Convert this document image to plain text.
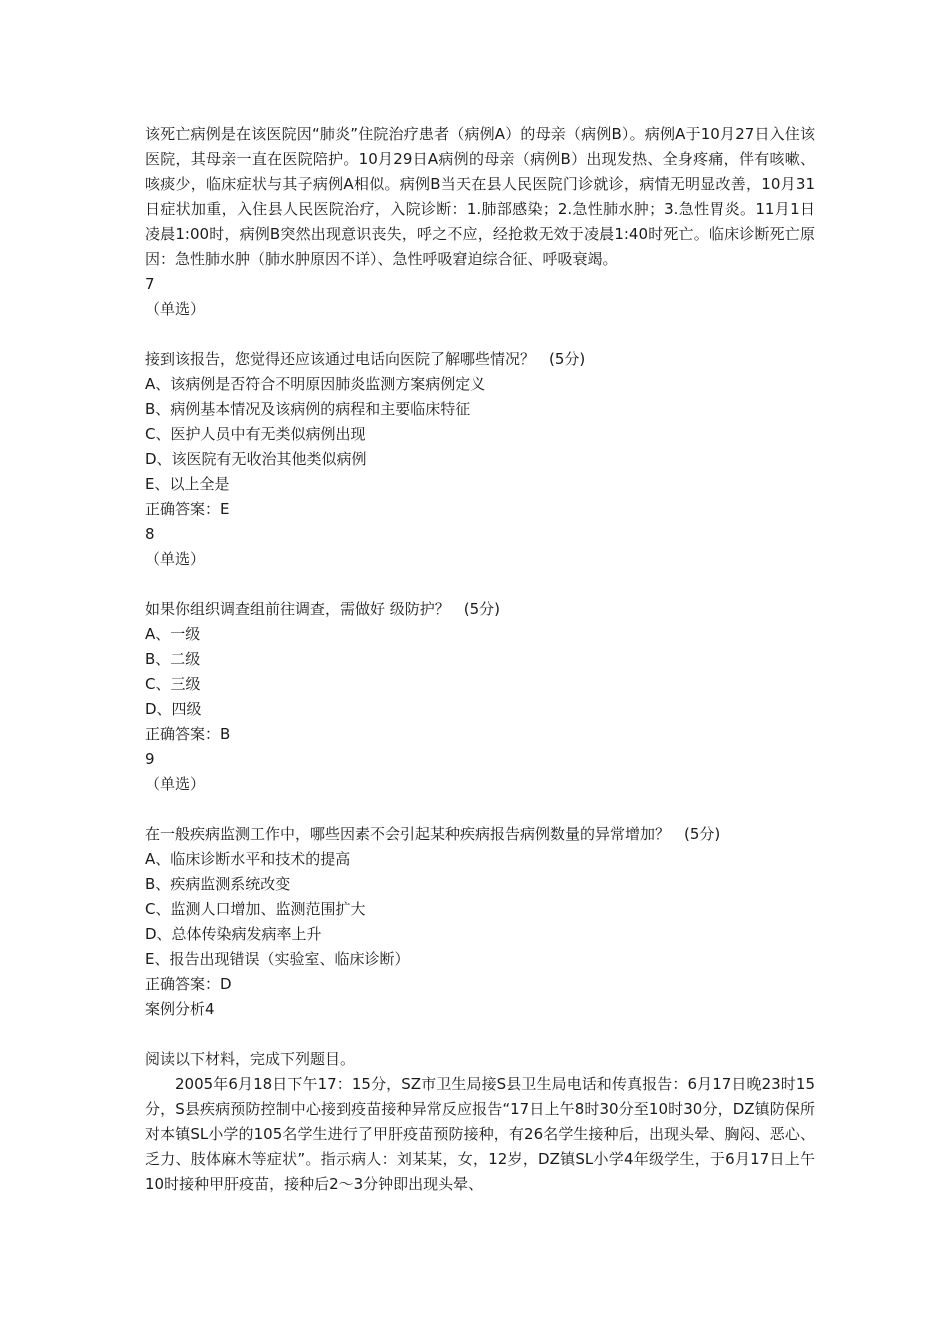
该死亡病例是在该医院因“肺炎”住院治疗患者（病例A）的母亲（病例B）。病例A于10月27日入住该医院，其母亲一直在医院陪护。10月29日A病例的母亲（病例B）出现发热、全身疼痛，伴有咳嗽、咳痰少，临床症状与其子病例A相似。病例B当天在县人民医院门诊就诊，病情无明显改善，10月31日症状加重，入住县人民医院治疗，入院诊断：1.肺部感染；2.急性肺水肿；3.急性胃炎。11月1日凌晨1:00时，病例B突然出现意识丧失，呼之不应，经抢救无效于凌晨1:40时死亡。临床诊断死亡原因：急性肺水肿（肺水肿原因不详）、急性呼吸窘迫综合征、呼吸衰竭。
7
（单选）
接到该报告，您觉得还应该通过电话向医院了解哪些情况？ (5分)
A、该病例是否符合不明原因肺炎监测方案病例定义
B、病例基本情况及该病例的病程和主要临床特征
C、医护人员中有无类似病例出现
D、该医院有无收治其他类似病例
E、以上全是
正确答案：E
8
（单选）
如果你组织调查组前往调查，需做好 级防护？ (5分)
A、一级
B、二级
C、三级
D、四级
正确答案：B
9
（单选）
在一般疾病监测工作中，哪些因素不会引起某种疾病报告病例数量的异常增加？ (5分)
A、临床诊断水平和技术的提高
B、疾病监测系统改变
C、监测人口增加、监测范围扩大
D、总体传染病发病率上升
E、报告出现错误（实验室、临床诊断）
正确答案：D
案例分析4
阅读以下材料，完成下列题目。
2005年6月18日下午17：15分，SZ市卫生局接S县卫生局电话和传真报告：6月17日晚23时15分，S县疾病预防控制中心接到疫苗接种异常反应报告“17日上午8时30分至10时30分，DZ镇防保所对本镇SL小学的105名学生进行了甲肝疫苗预防接种，有26名学生接种后，出现头晕、胸闷、恶心、乏力、肢体麻木等症状”。指示病人：刘某某，女，12岁，DZ镇SL小学4年级学生，于6月17日上午10时接种甲肝疫苗，接种后2～3分钟即出现头晕、
